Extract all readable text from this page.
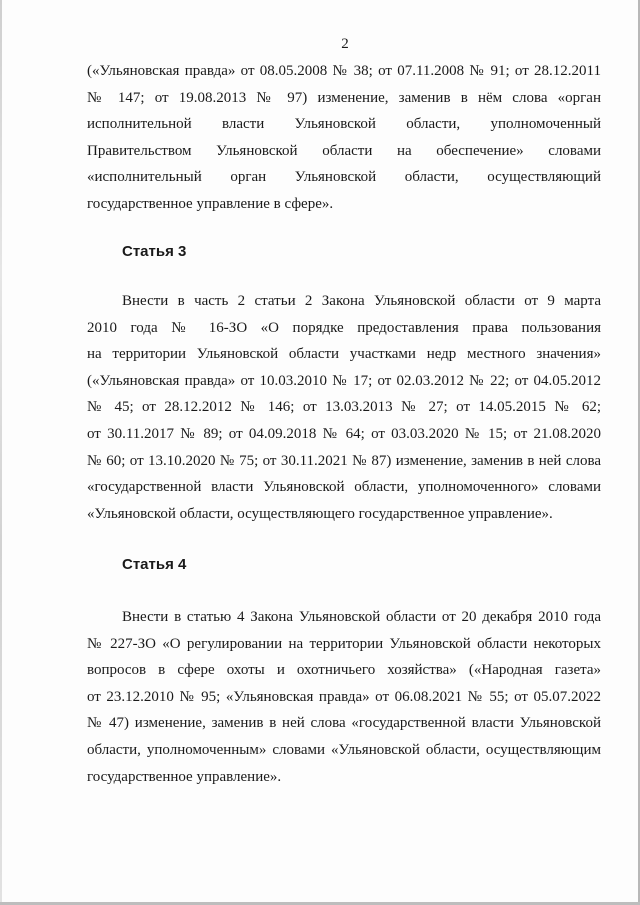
2
(«Ульяновская правда» от 08.05.2008 № 38; от 07.11.2008 № 91; от 28.12.2011
№ 147; от 19.08.2013 № 97) изменение, заменив в нём слова «орган
исполнительной власти Ульяновской области, уполномоченный
Правительством Ульяновской области на обеспечение» словами
«исполнительный орган Ульяновской области, осуществляющий
государственное управление в сфере».
Статья 3
Внести в часть 2 статьи 2 Закона Ульяновской области от 9 марта
2010 года № 16-ЗО «О порядке предоставления права пользования
на территории Ульяновской области участками недр местного значения»
(«Ульяновская правда» от 10.03.2010 № 17; от 02.03.2012 № 22; от 04.05.2012
№ 45; от 28.12.2012 № 146; от 13.03.2013 № 27; от 14.05.2015 № 62;
от 30.11.2017 № 89; от 04.09.2018 № 64; от 03.03.2020 № 15; от 21.08.2020
№ 60; от 13.10.2020 № 75; от 30.11.2021 № 87) изменение, заменив в ней слова
«государственной власти Ульяновской области, уполномоченного» словами
«Ульяновской области, осуществляющего государственное управление».
Статья 4
Внести в статью 4 Закона Ульяновской области от 20 декабря 2010 года
№ 227-ЗО «О регулировании на территории Ульяновской области некоторых
вопросов в сфере охоты и охотничьего хозяйства» («Народная газета»
от 23.12.2010 № 95; «Ульяновская правда» от 06.08.2021 № 55; от 05.07.2022
№ 47) изменение, заменив в ней слова «государственной власти Ульяновской
области, уполномоченным» словами «Ульяновской области, осуществляющим
государственное управление».
